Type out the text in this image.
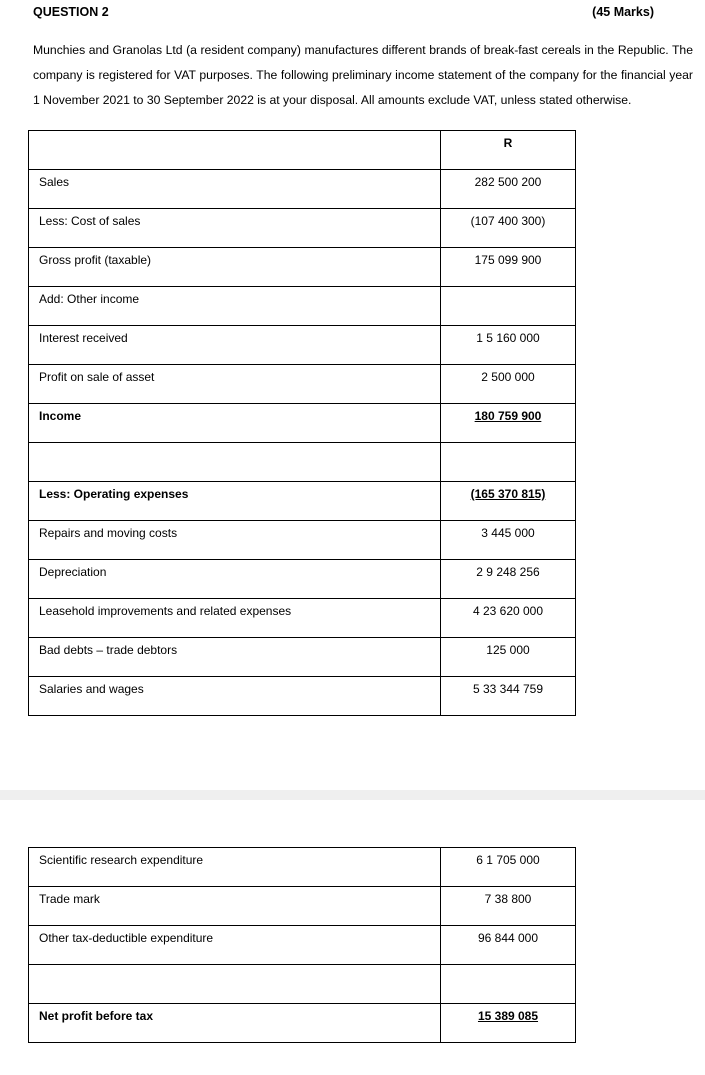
QUESTION 2	(45 Marks)

Munchies and Granolas Ltd (a resident company) manufactures different brands of break-fast cereals in the Republic. The company is registered for VAT purposes. The following preliminary income statement of the company for the financial year 1 November 2021 to 30 September 2022 is at your disposal. All amounts exclude VAT, unless stated otherwise.

	R
Sales	282 500 200
Less: Cost of sales	(107 400 300)
Gross profit (taxable)	175 099 900
Add: Other income	
Interest received	1 5 160 000
Profit on sale of asset	2 500 000
Income	180 759 900

Less: Operating expenses	(165 370 815)
Repairs and moving costs	3 445 000
Depreciation	2 9 248 256
Leasehold improvements and related expenses	4 23 620 000
Bad debts – trade debtors	125 000
Salaries and wages	5 33 344 759
Scientific research expenditure	6 1 705 000
Trade mark	7 38 800
Other tax-deductible expenditure	96 844 000

Net profit before tax	15 389 085
